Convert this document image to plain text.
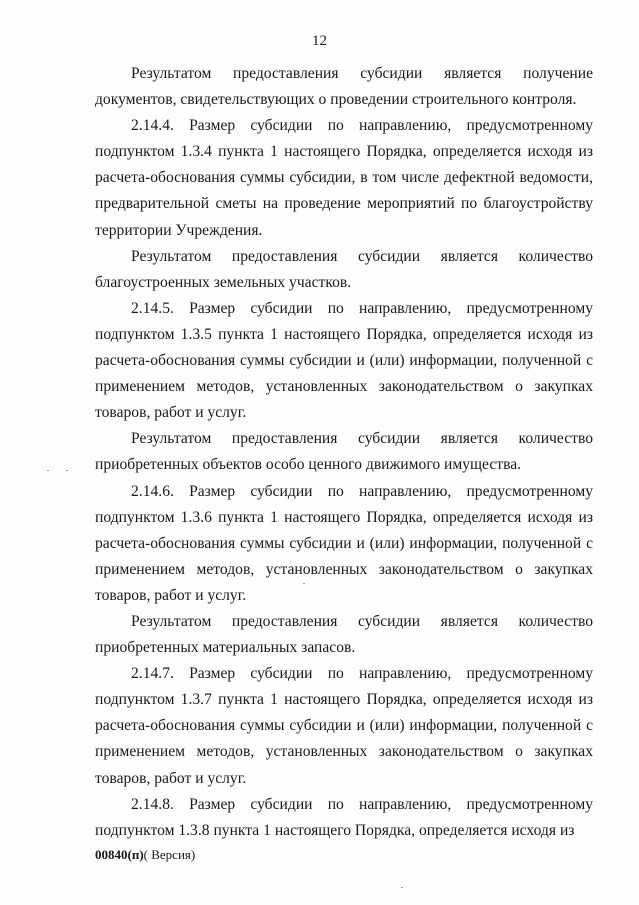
12

Результатом предоставления субсидии является получение документов, свидетельствующих о проведении строительного контроля.

2.14.4. Размер субсидии по направлению, предусмотренному подпунктом 1.3.4 пункта 1 настоящего Порядка, определяется исходя из расчета-обоснования суммы субсидии, в том числе дефектной ведомости, предварительной сметы на проведение мероприятий по благоустройству территории Учреждения.

Результатом предоставления субсидии является количество благоустроенных земельных участков.

2.14.5. Размер субсидии по направлению, предусмотренному подпунктом 1.3.5 пункта 1 настоящего Порядка, определяется исходя из расчета-обоснования суммы субсидии и (или) информации, полученной с применением методов, установленных законодательством о закупках товаров, работ и услуг.

Результатом предоставления субсидии является количество приобретенных объектов особо ценного движимого имущества.

2.14.6. Размер субсидии по направлению, предусмотренному подпунктом 1.3.6 пункта 1 настоящего Порядка, определяется исходя из расчета-обоснования суммы субсидии и (или) информации, полученной с применением методов, установленных законодательством о закупках товаров, работ и услуг.

Результатом предоставления субсидии является количество приобретенных материальных запасов.

2.14.7. Размер субсидии по направлению, предусмотренному подпунктом 1.3.7 пункта 1 настоящего Порядка, определяется исходя из расчета-обоснования суммы субсидии и (или) информации, полученной с применением методов, установленных законодательством о закупках товаров, работ и услуг.

2.14.8. Размер субсидии по направлению, предусмотренному подпунктом 1.3.8 пункта 1 настоящего Порядка, определяется исходя из

00840(п)( Версия)
